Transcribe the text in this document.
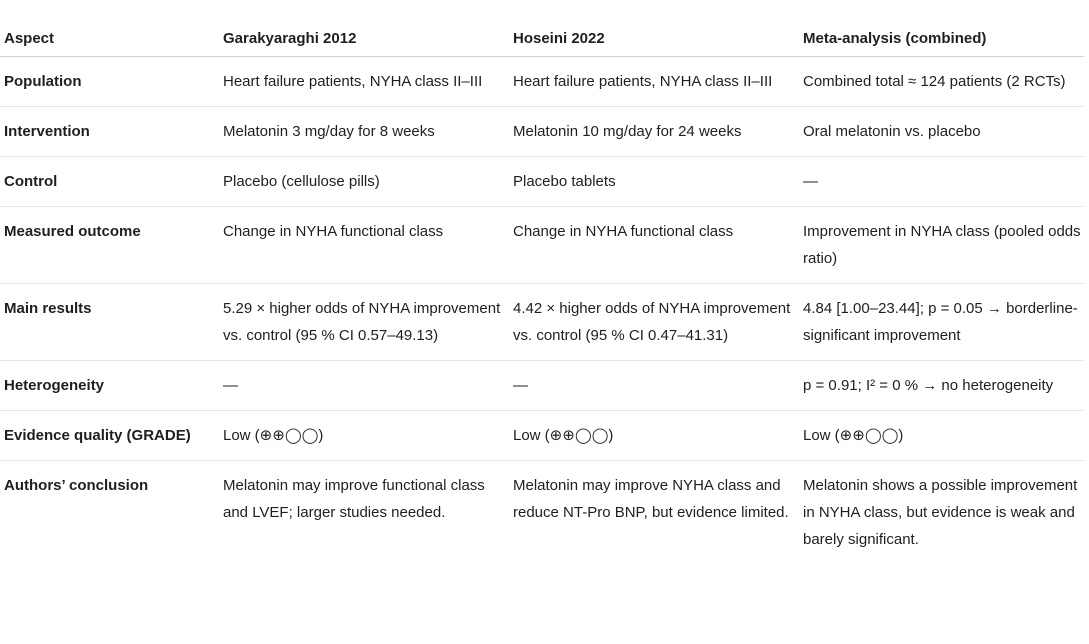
Aspect	Garakyaraghi 2012	Hoseini 2022	Meta-analysis (combined)
Population	Heart failure patients, NYHA class II–III	Heart failure patients, NYHA class II–III	Combined total ≈ 124 patients (2 RCTs)
Intervention	Melatonin 3 mg/day for 8 weeks	Melatonin 10 mg/day for 24 weeks	Oral melatonin vs. placebo
Control	Placebo (cellulose pills)	Placebo tablets	—
Measured outcome	Change in NYHA functional class	Change in NYHA functional class	Improvement in NYHA class (pooled odds ratio)
Main results	5.29 × higher odds of NYHA improvement vs. control (95 % CI 0.57–49.13)	4.42 × higher odds of NYHA improvement vs. control (95 % CI 0.47–41.31)	4.84 [1.00–23.44]; p = 0.05 → borderline-significant improvement
Heterogeneity	—	—	p = 0.91; I² = 0 % → no heterogeneity
Evidence quality (GRADE)	Low (⊕⊕◯◯)	Low (⊕⊕◯◯)	Low (⊕⊕◯◯)
Authors’ conclusion	Melatonin may improve functional class and LVEF; larger studies needed.	Melatonin may improve NYHA class and reduce NT-Pro BNP, but evidence limited.	Melatonin shows a possible improvement in NYHA class, but evidence is weak and barely significant.
